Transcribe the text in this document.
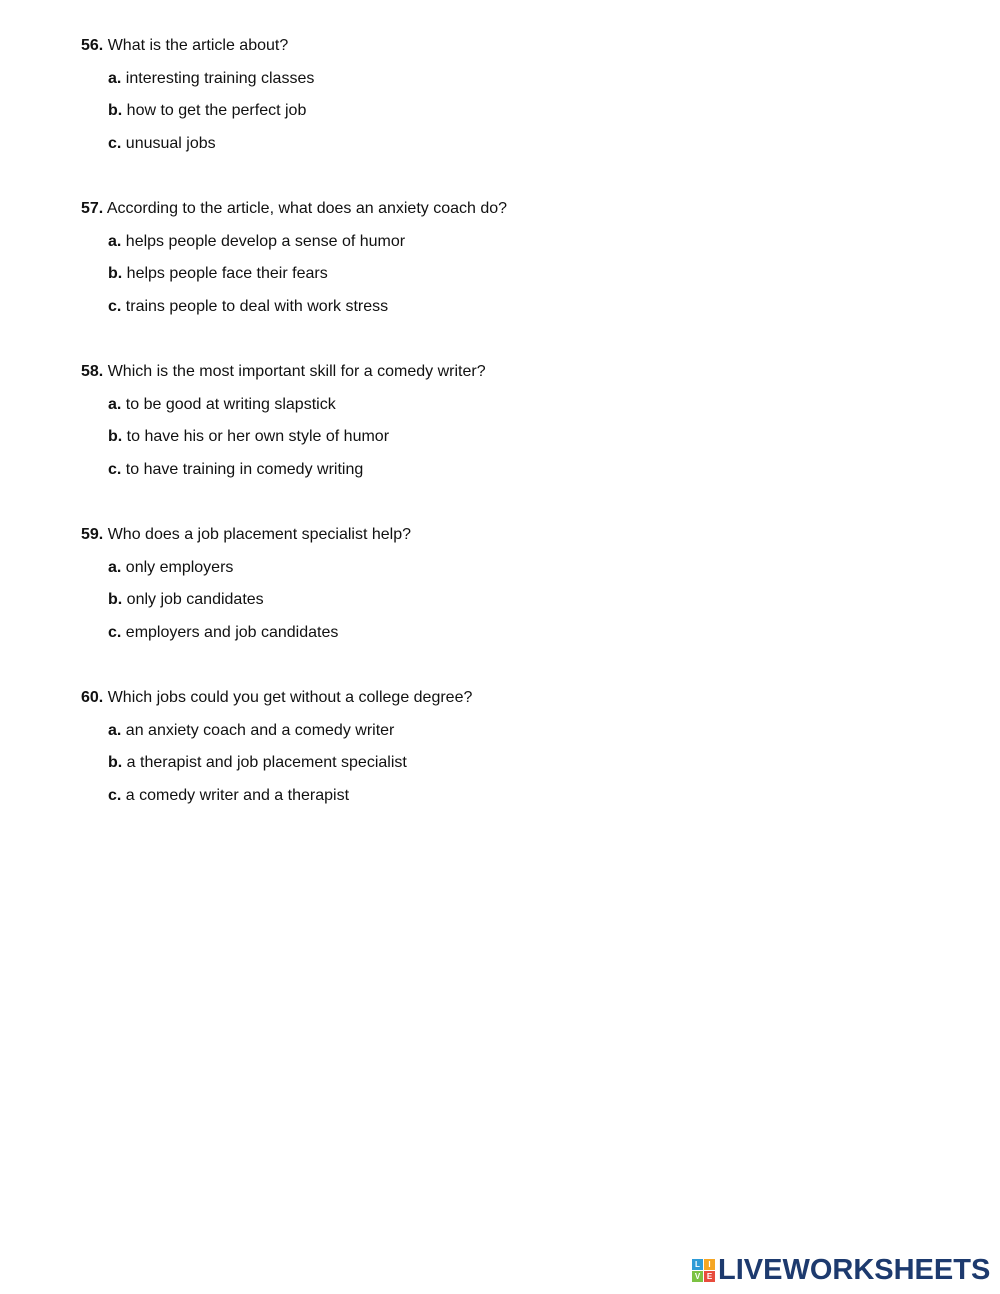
56. What is the article about?
a. interesting training classes
b. how to get the perfect job
c. unusual jobs
57. According to the article, what does an anxiety coach do?
a. helps people develop a sense of humor
b. helps people face their fears
c. trains people to deal with work stress
58. Which is the most important skill for a comedy writer?
a. to be good at writing slapstick
b. to have his or her own style of humor
c. to have training in comedy writing
59. Who does a job placement specialist help?
a. only employers
b. only job candidates
c. employers and job candidates
60. Which jobs could you get without a college degree?
a. an anxiety coach and a comedy writer
b. a therapist and job placement specialist
c. a comedy writer and a therapist
L	I
V E LIVEWORKSHEETS
